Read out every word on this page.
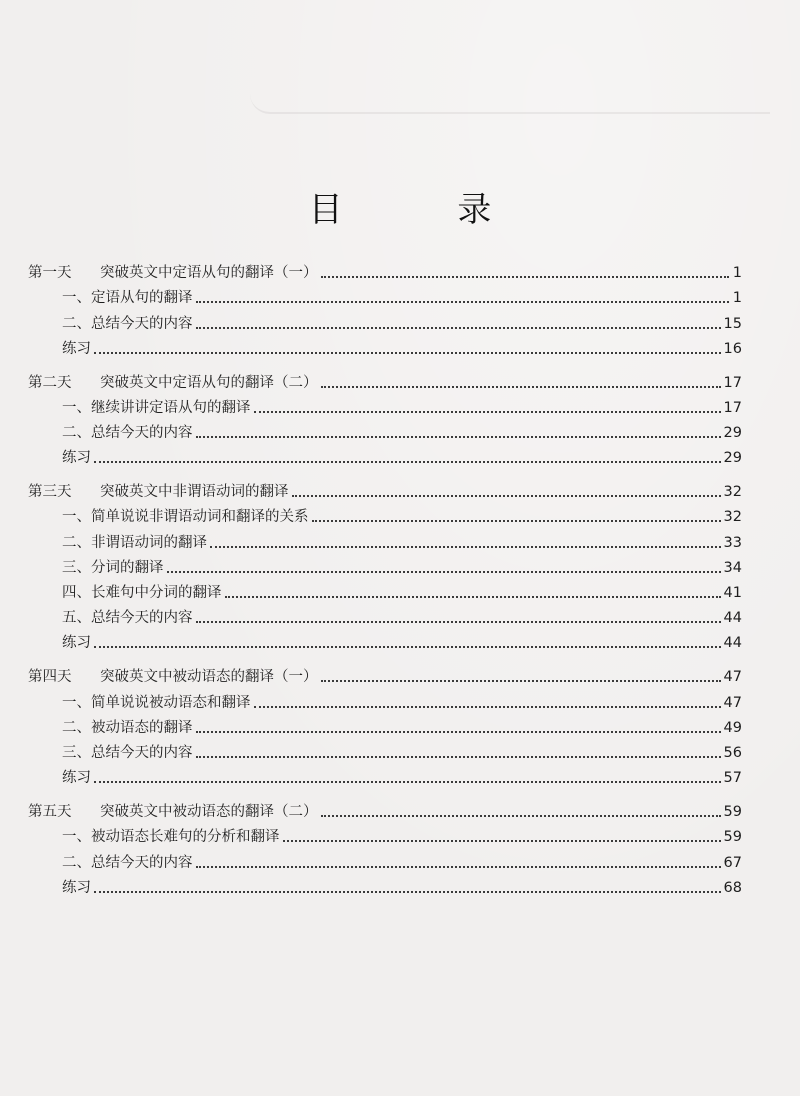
目 录
第一天 突破英文中定语从句的翻译（一）	1
一、定语从句的翻译	1
二、总结今天的内容	15
练习	16
第二天 突破英文中定语从句的翻译（二）	17
一、继续讲讲定语从句的翻译	17
二、总结今天的内容	29
练习	29
第三天 突破英文中非谓语动词的翻译	32
一、简单说说非谓语动词和翻译的关系	32
二、非谓语动词的翻译	33
三、分词的翻译	34
四、长难句中分词的翻译	41
五、总结今天的内容	44
练习	44
第四天 突破英文中被动语态的翻译（一）	47
一、简单说说被动语态和翻译	47
二、被动语态的翻译	49
三、总结今天的内容	56
练习	57
第五天 突破英文中被动语态的翻译（二）	59
一、被动语态长难句的分析和翻译	59
二、总结今天的内容	67
练习	68
